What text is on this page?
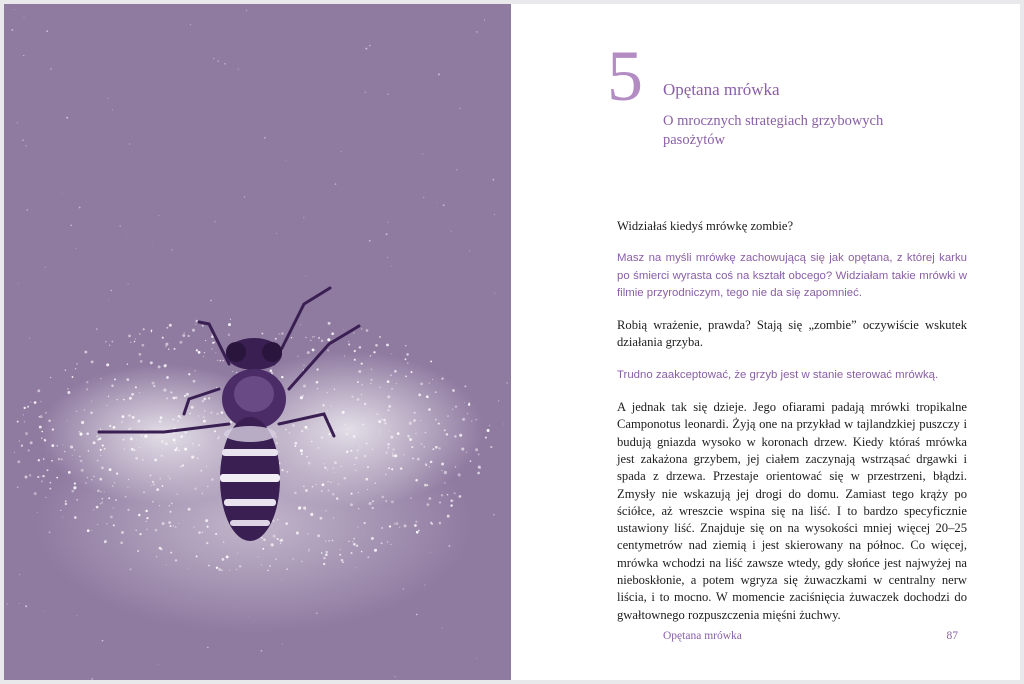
5 Opętana mrówka
O mrocznych strategiach grzybowych pasożytów

Widziałaś kiedyś mrówkę zombie?

Masz na myśli mrówkę zachowującą się jak opętana, z której karku po śmierci wyrasta coś na kształt obcego? Widziałam takie mrówki w filmie przyrodniczym, tego nie da się zapomnieć.

Robią wrażenie, prawda? Stają się „zombie” oczywiście wskutek działania grzyba.

Trudno zaakceptować, że grzyb jest w stanie sterować mrówką.

A jednak tak się dzieje. Jego ofiarami padają mrówki tropikalne Camponotus leonardi. Żyją one na przykład w tajlandzkiej puszczy i budują gniazda wysoko w koronach drzew. Kiedy któraś mrówka jest zakażona grzybem, jej ciałem zaczynają wstrząsać drgawki i spada z drzewa. Przestaje orientować się w przestrzeni, błądzi. Zmysły nie wskazują jej drogi do domu. Zamiast tego krąży po ściółce, aż wreszcie wspina się na liść. I to bardzo specyficznie ustawiony liść. Znajduje się on na wysokości mniej więcej 20–25 centymetrów nad ziemią i jest skierowany na północ. Co więcej, mrówka wchodzi na liść zawsze wtedy, gdy słońce jest najwyżej na nieboskłonie, a potem wgryza się żuwaczkami w centralny nerw liścia, i to mocno. W momencie zaciśnięcia żuwaczek dochodzi do gwałtownego rozpuszczenia mięśni żuchwy.

Opętana mrówka	87
